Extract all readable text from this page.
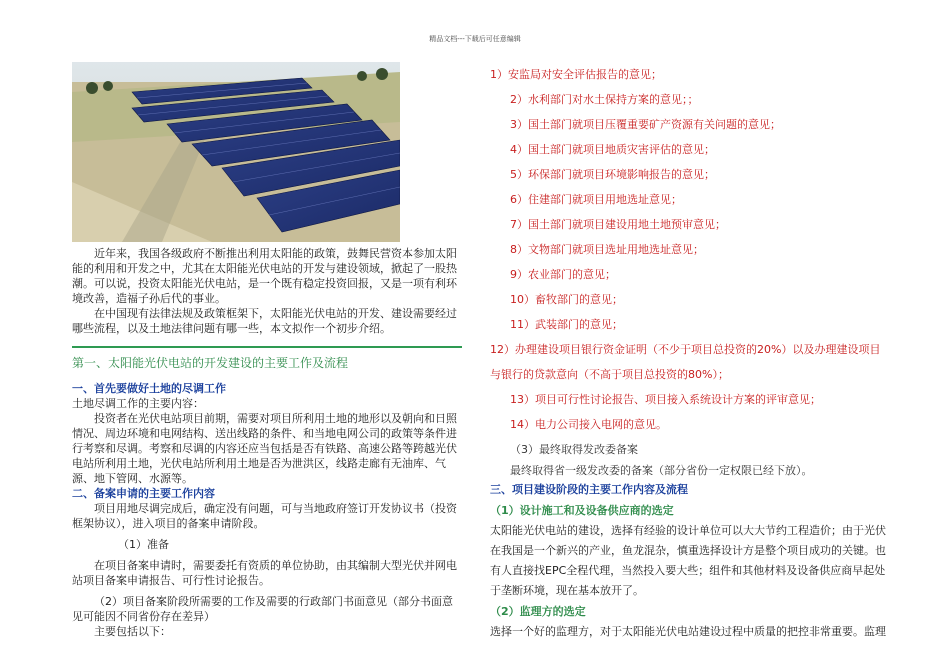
精品文档---下载后可任意编辑

近年来，我国各级政府不断推出利用太阳能的政策，鼓舞民营资本参加太阳能的利用和开发之中，尤其在太阳能光伏电站的开发与建设领域，掀起了一股热潮。可以说，投资太阳能光伏电站，是一个既有稳定投资回报，又是一项有利环境改善，造福子孙后代的事业。

在中国现有法律法规及政策框架下，太阳能光伏电站的开发、建设需要经过哪些流程，以及土地法律问题有哪一些，本文拟作一个初步介绍。

第一、太阳能光伏电站的开发建设的主要工作及流程
一、首先要做好土地的尽调工作

土地尽调工作的主要内容：

投资者在光伏电站项目前期，需要对项目所利用土地的地形以及朝向和日照情况、周边环境和电网结构、送出线路的条件、和当地电网公司的政策等条件进行考察和尽调。考察和尽调的内容还应当包括是否有铁路、高速公路等跨越光伏电站所利用土地，光伏电站所利用土地是否为泄洪区，线路走廊有无油库、气源、地下管网、水源等。

二、备案申请的主要工作内容

项目用地尽调完成后，确定没有问题，可与当地政府签订开发协议书（投资框架协议），进入项目的备案申请阶段。

（1）准备

在项目备案申请时，需要委托有资质的单位协助，由其编制大型光伏并网电站项目备案申请报告、可行性讨论报告。

（2）项目备案阶段所需要的工作及需要的行政部门书面意见（部分书面意见可能因不同省份存在差异）

主要包括以下：

1）安监局对安全评估报告的意见；
2）水利部门对水土保持方案的意见；；
3）国土部门就项目压覆重要矿产资源有关问题的意见；
4）国土部门就项目地质灾害评估的意见；
5）环保部门就项目环境影响报告的意见；
6）住建部门就项目用地选址意见；
7）国土部门就项目建设用地土地预审意见；
8）文物部门就项目选址用地选址意见；
9）农业部门的意见；
10）畜牧部门的意见；
11）武装部门的意见；
12）办理建设项目银行资金证明（不少于项目总投资的20%）以及办理建设项目
与银行的贷款意向（不高于项目总投资的80%）；
13）项目可行性讨论报告、项目接入系统设计方案的评审意见；
14）电力公司接入电网的意见。
（3）最终取得发改委备案
最终取得省一级发改委的备案（部分省份一定权限已经下放）。
三、项目建设阶段的主要工作内容及流程
（1）设计施工和及设备供应商的选定

太阳能光伏电站的建设，选择有经验的设计单位可以大大节约工程造价；由于光伏在我国是一个新兴的产业，鱼龙混杂，慎重选择设计方是整个项目成功的关键。也有人直接找EPC全程代理，当然投入要大些；组件和其他材料及设备供应商早起处于垄断环境，现在基本放开了。

（2）监理方的选定

选择一个好的监理方，对于太阳能光伏电站建设过程中质量的把控非常重要。监理
